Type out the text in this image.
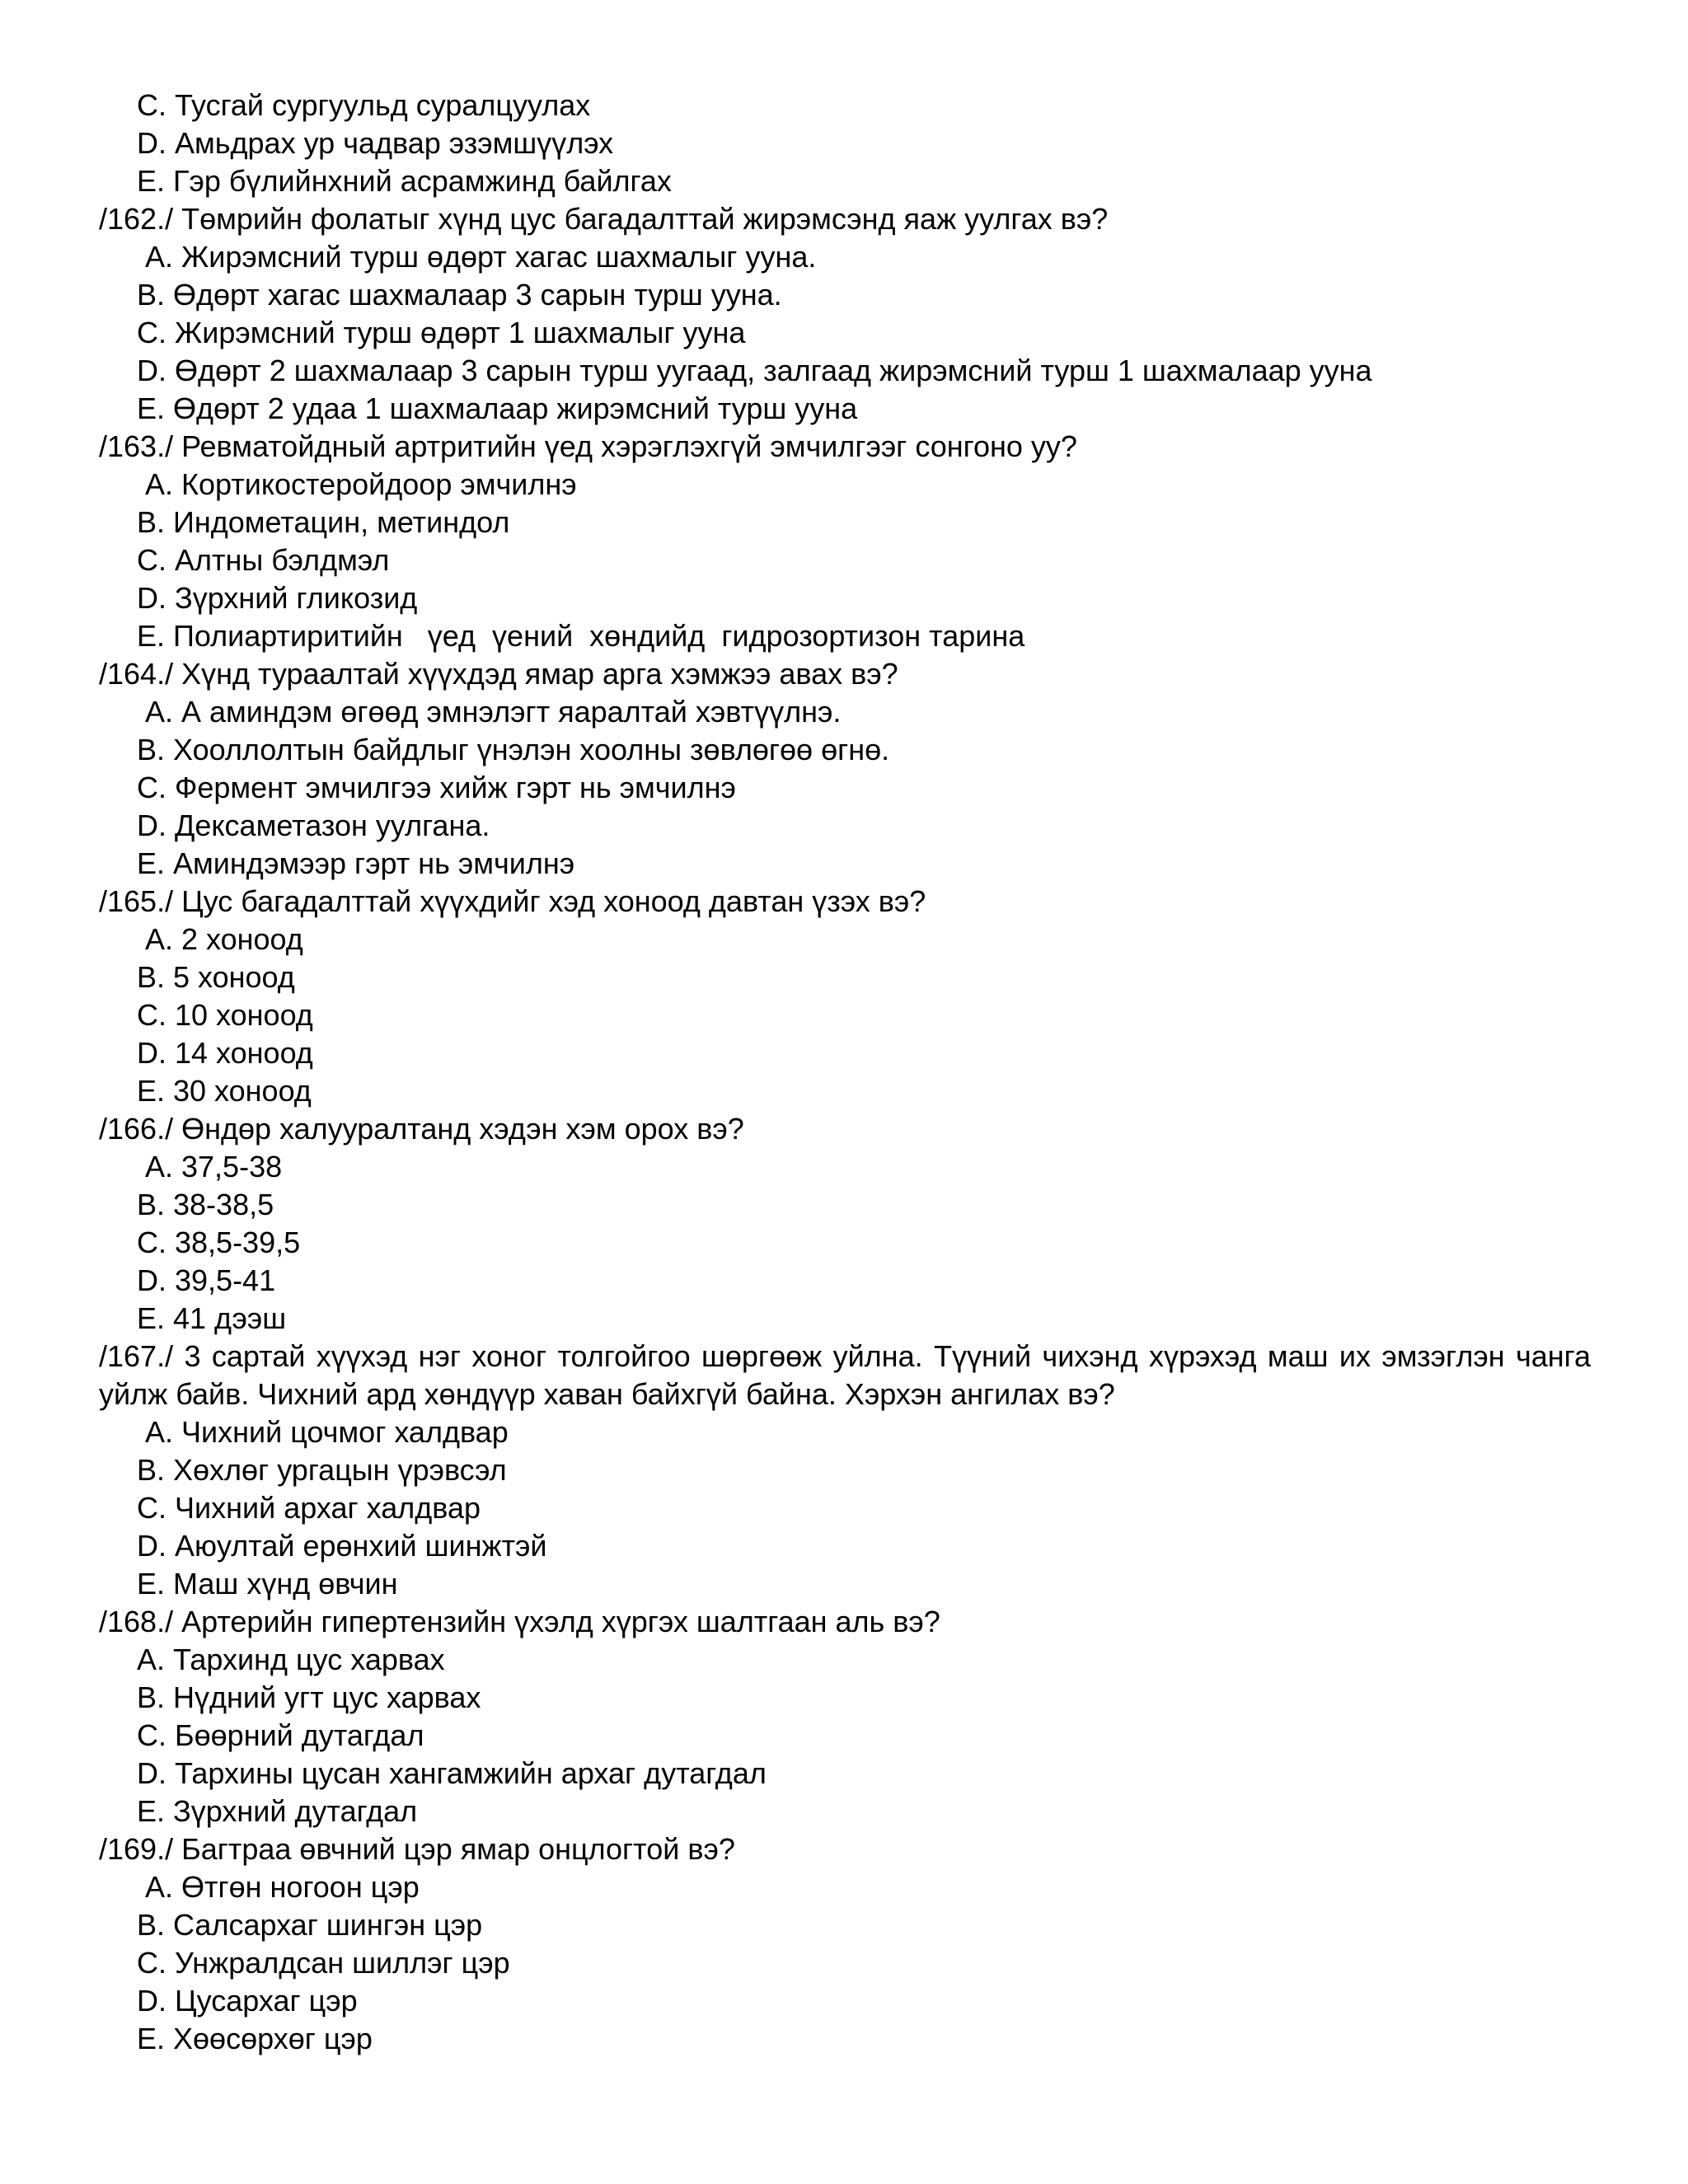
C. Тусгай сургуульд суралцуулах
D. Амьдрах ур чадвар эзэмшүүлэх
E. Гэр бүлийнхний асрамжинд байлгах
/162./ Төмрийн фолатыг хүнд цус багадалттай жирэмсэнд яаж уулгах вэ?
A. Жирэмсний турш өдөрт хагас шахмалыг ууна.
B. Өдөрт хагас шахмалаар 3 сарын турш ууна.
C. Жирэмсний турш өдөрт 1 шахмалыг ууна
D. Өдөрт 2 шахмалаар 3 сарын турш уугаад, залгаад жирэмсний турш 1 шахмалаар ууна
E. Өдөрт 2 удаа 1 шахмалаар жирэмсний турш ууна
/163./ Ревматойдный артритийн үед хэрэглэхгүй эмчилгээг сонгоно уу?
A. Кортикостеройдоор эмчилнэ
B. Индометацин, метиндол
C. Алтны бэлдмэл
D. Зүрхний гликозид
E. Полиартиритийн   үед  үений  хөндийд  гидрозортизон тарина
/164./ Хүнд тураалтай хүүхдэд ямар арга хэмжээ авах вэ?
A. А аминдэм өгөөд эмнэлэгт яаралтай хэвтүүлнэ.
B. Хооллолтын байдлыг үнэлэн хоолны зөвлөгөө өгнө.
C. Фермент эмчилгээ хийж гэрт нь эмчилнэ
D. Дексаметазон уулгана.
E. Аминдэмээр гэрт нь эмчилнэ
/165./ Цус багадалттай хүүхдийг хэд хоноод давтан үзэх вэ?
A. 2 хоноод
B. 5 хоноод
C. 10 хоноод
D. 14 хоноод
E. 30 хоноод
/166./ Өндөр халууралтанд хэдэн хэм орох вэ?
A. 37,5-38
B. 38-38,5
C. 38,5-39,5
D. 39,5-41
E. 41 дээш
/167./ 3 сартай хүүхэд нэг хоног толгойгоо шөргөөж уйлна. Түүний чихэнд хүрэхэд маш их эмзэглэн чанга уйлж байв. Чихний ард хөндүүр хаван байхгүй байна. Хэрхэн ангилах вэ?
A. Чихний цочмог халдвар
B. Хөхлөг ургацын үрэвсэл
C. Чихний архаг халдвар
D. Аюултай ерөнхий шинжтэй
E. Маш хүнд өвчин
/168./ Артерийн гипертензийн үхэлд хүргэх шалтгаан аль вэ?
A. Тархинд цус харвах
B. Нүдний угт цус харвах
C. Бөөрний дутагдал
D. Тархины цусан хангамжийн архаг дутагдал
E. Зүрхний дутагдал
/169./ Багтраа өвчний цэр ямар онцлогтой вэ?
A. Өтгөн ногоон цэр
B. Салсархаг шингэн цэр
C. Унжралдсан шиллэг цэр
D. Цусархаг цэр
E. Хөөсөрхөг цэр
